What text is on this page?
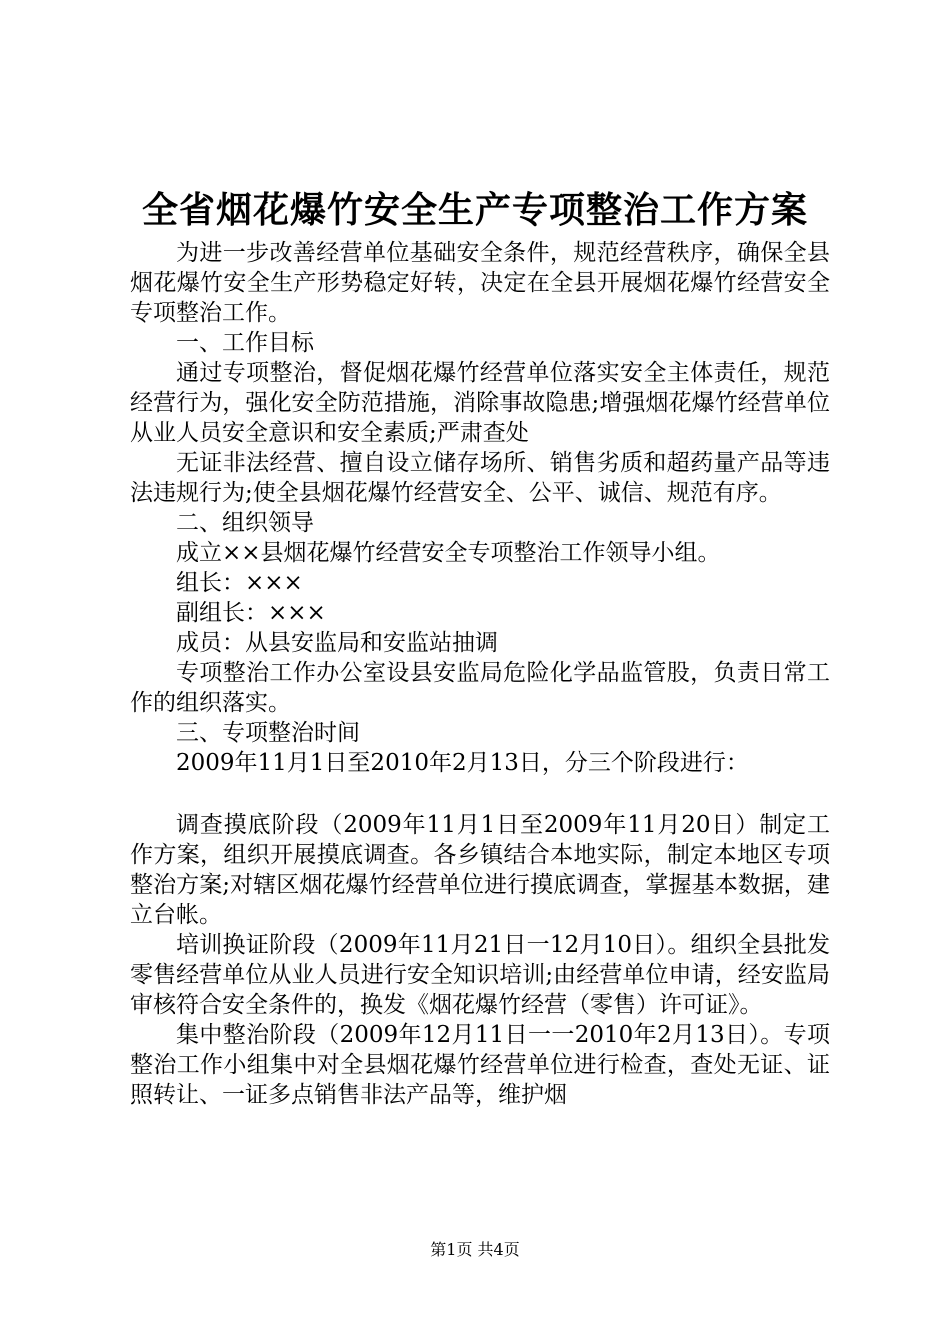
全省烟花爆竹安全生产专项整治工作方案

为进一步改善经营单位基础安全条件，规范经营秩序，确保全县烟花爆竹安全生产形势稳定好转，决定在全县开展烟花爆竹经营安全专项整治工作。

一、工作目标

通过专项整治，督促烟花爆竹经营单位落实安全主体责任，规范经营行为，强化安全防范措施，消除事故隐患;增强烟花爆竹经营单位从业人员安全意识和安全素质;严肃查处

无证非法经营、擅自设立储存场所、销售劣质和超药量产品等违法违规行为;使全县烟花爆竹经营安全、公平、诚信、规范有序。

二、组织领导

成立××县烟花爆竹经营安全专项整治工作领导小组。

组长：×××

副组长：×××

成员：从县安监局和安监站抽调

专项整治工作办公室设县安监局危险化学品监管股，负责日常工作的组织落实。

三、专项整治时间

2009年11月1日至2010年2月13日，分三个阶段进行：

调查摸底阶段（2009年11月1日至2009年11月20日）制定工作方案，组织开展摸底调查。各乡镇结合本地实际，制定本地区专项整治方案;对辖区烟花爆竹经营单位进行摸底调查，掌握基本数据，建立台帐。

培训换证阶段（2009年11月21日一12月10日）。组织全县批发零售经营单位从业人员进行安全知识培训;由经营单位申请，经安监局审核符合安全条件的，换发《烟花爆竹经营（零售）许可证》。

集中整治阶段（2009年12月11日一一2010年2月13日）。专项整治工作小组集中对全县烟花爆竹经营单位进行检查，查处无证、证照转让、一证多点销售非法产品等，维护烟

第1页 共4页
